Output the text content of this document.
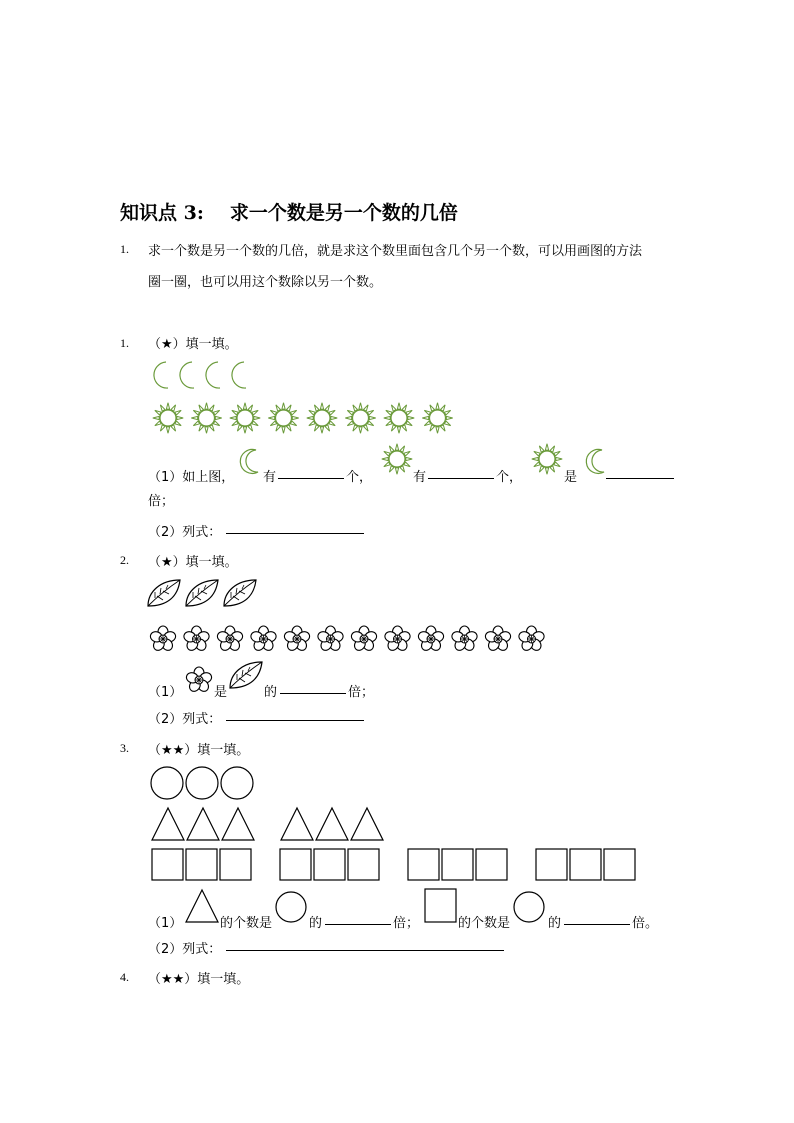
知识点 3: 求一个数是另一个数的几倍
1. 求一个数是另一个数的几倍，就是求这个数里面包含几个另一个数，可以用画图的方法
圈一圈，也可以用这个数除以另一个数。
1. （★）填一填。
（1）如上图， 有	个，	有	个，	是
倍；
（2）列式：
2. （★）填一填。
（1） 是	的	倍；
（2）列式：
3. （★★）填一填。
（1）	的个数是	的	倍；	的个数是	的	倍。
（2）列式：
4. （★★）填一填。
